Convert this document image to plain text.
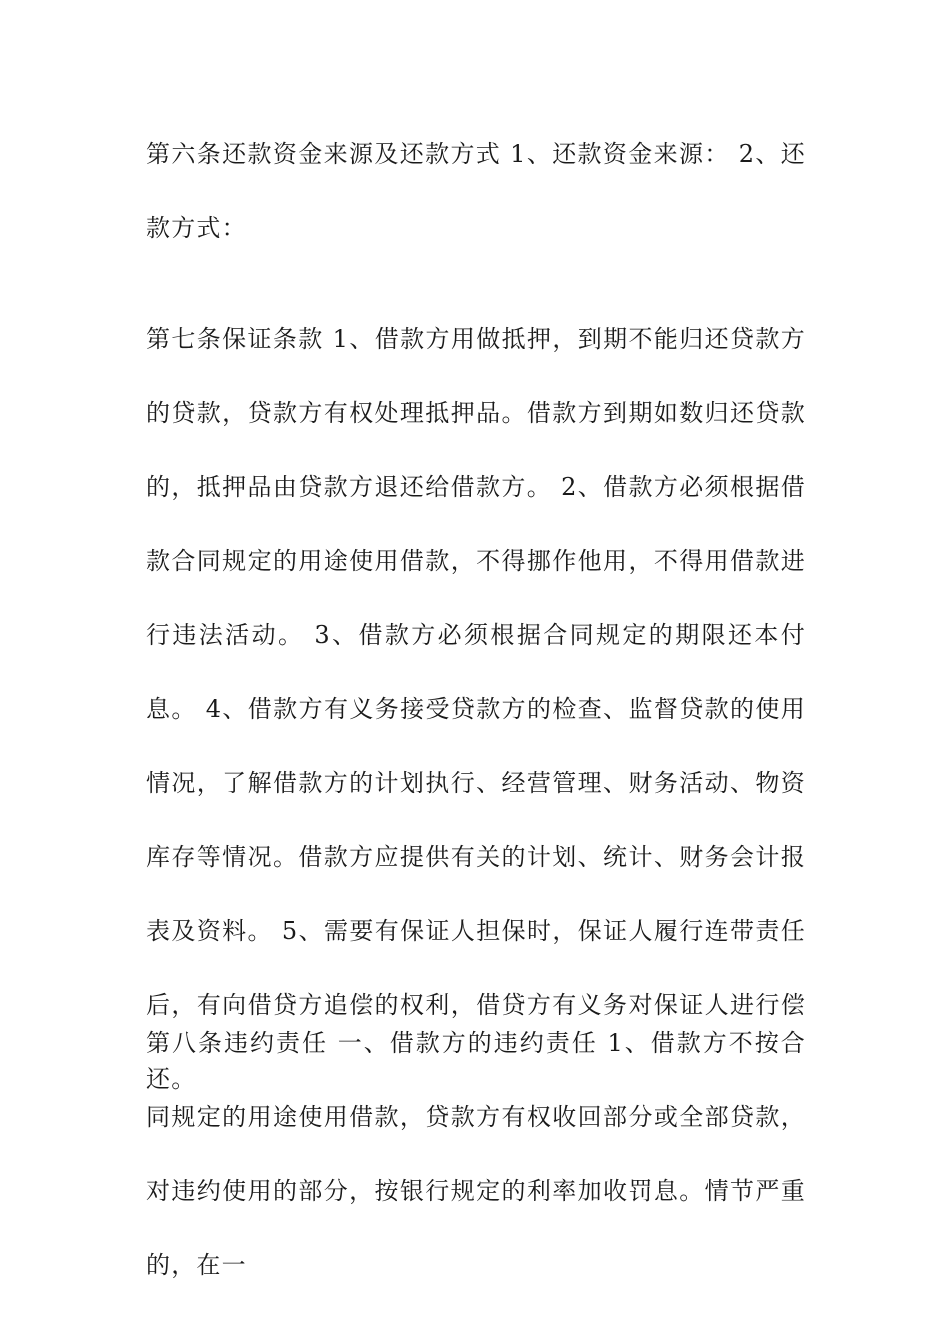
第六条还款资金来源及还款方式 1、还款资金来源： 2、还款方式：

第七条保证条款 1、借款方用做抵押，到期不能归还贷款方的贷款，贷款方有权处理抵押品。借款方到期如数归还贷款的，抵押品由贷款方退还给借款方。 2、借款方必须根据借款合同规定的用途使用借款，不得挪作他用，不得用借款进行违法活动。 3、借款方必须根据合同规定的期限还本付息。 4、借款方有义务接受贷款方的检查、监督贷款的使用情况，了解借款方的计划执行、经营管理、财务活动、物资库存等情况。借款方应提供有关的计划、统计、财务会计报表及资料。 5、需要有保证人担保时，保证人履行连带责任后，有向借贷方追偿的权利，借贷方有义务对保证人进行偿还。

第八条违约责任 一、借款方的违约责任 1、借款方不按合同规定的用途使用借款，贷款方有权收回部分或全部贷款，对违约使用的部分，按银行规定的利率加收罚息。情节严重的，在一
